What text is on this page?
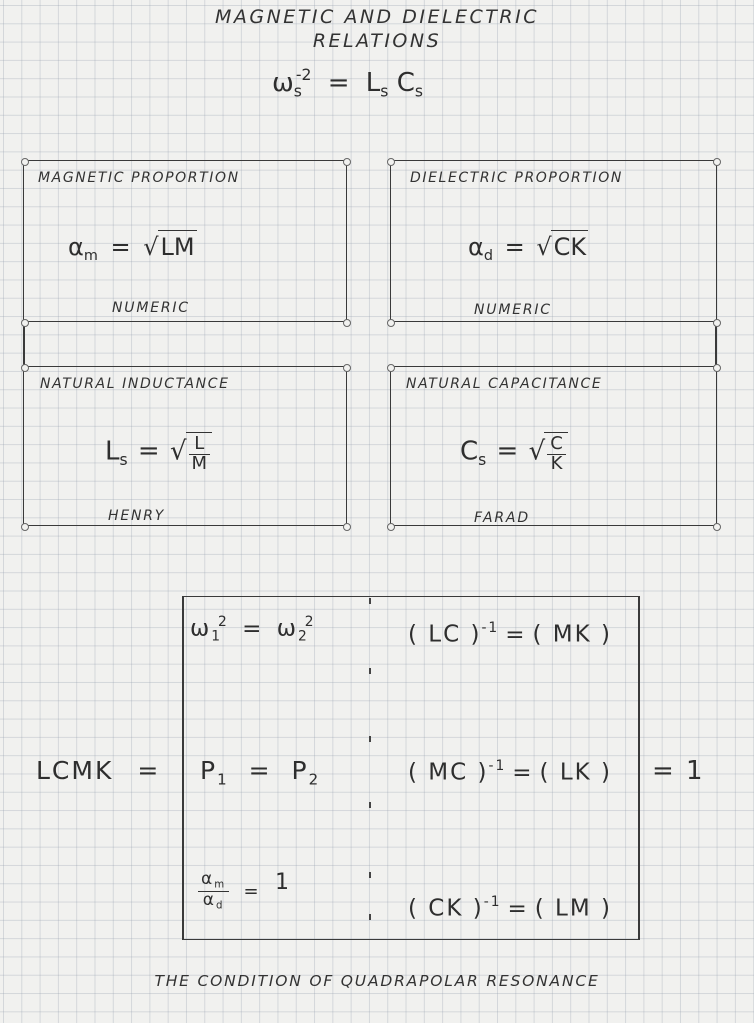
MAGNETIC AND DIELECTRIC
RELATIONS
$\omega_s^{-2} = L_s$ $C_s$
MAGNETIC PROPORTION
$\alpha_m = √LM$
NUMERIC
DIELECTRIC PROPORTION
$\alpha_d = √CK$
NUMERIC
NATURAL INDUCTANCE
$L_s$ = √ $\frac{L}{M}$
HENRY
NATURAL CAPACITANCE
$C_s$ = √ $\frac{C}{K}$
FARAD
LCMK =
$\omega_1^2 = \omega_2^2$
$P_1 = P_2$
$\frac{\alpha_m}{\alpha_d} = 1$
( LC )$^{-1}$ = ( MK )
( MC )$^{-1}$ = ( LK )
( CK )$^{-1}$ = ( LM )
= 1
THE CONDITION OF QUADRAPOLAR RESONANCE
